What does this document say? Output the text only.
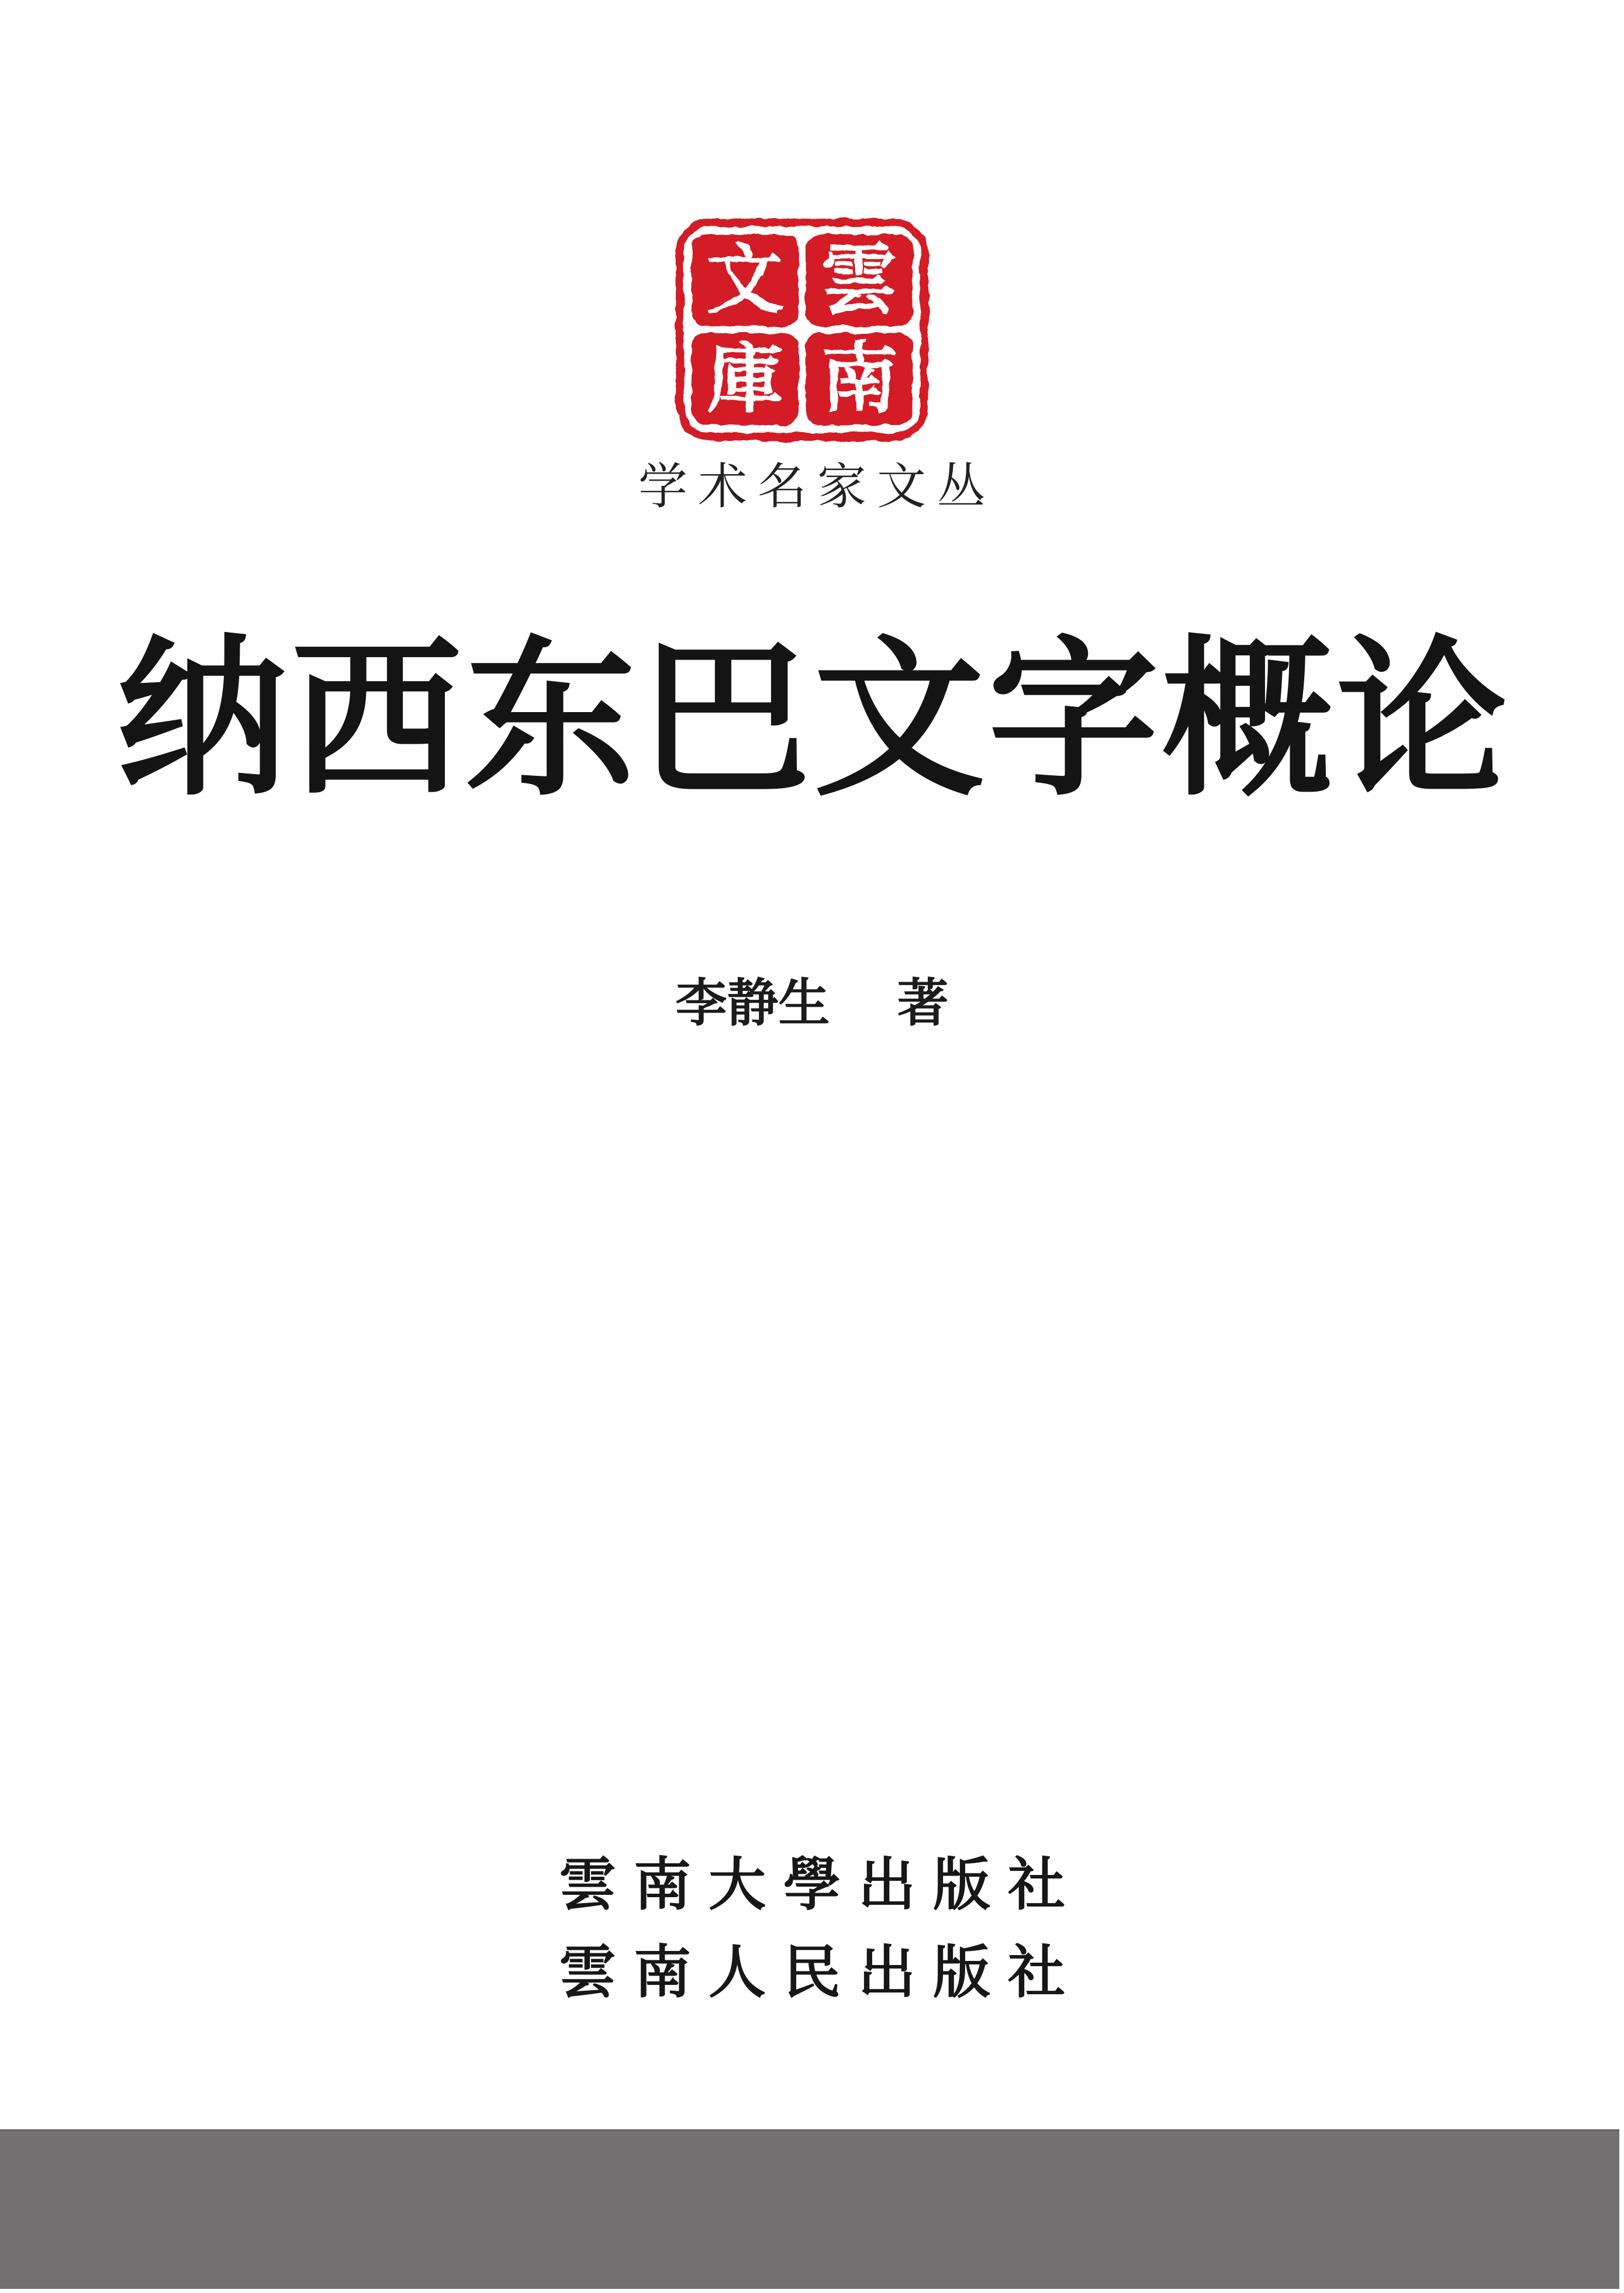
文 雲
庫 南
学术名家文丛
纳西东巴文字概论
李静生 著
雲南大學出版社
雲南人民出版社
